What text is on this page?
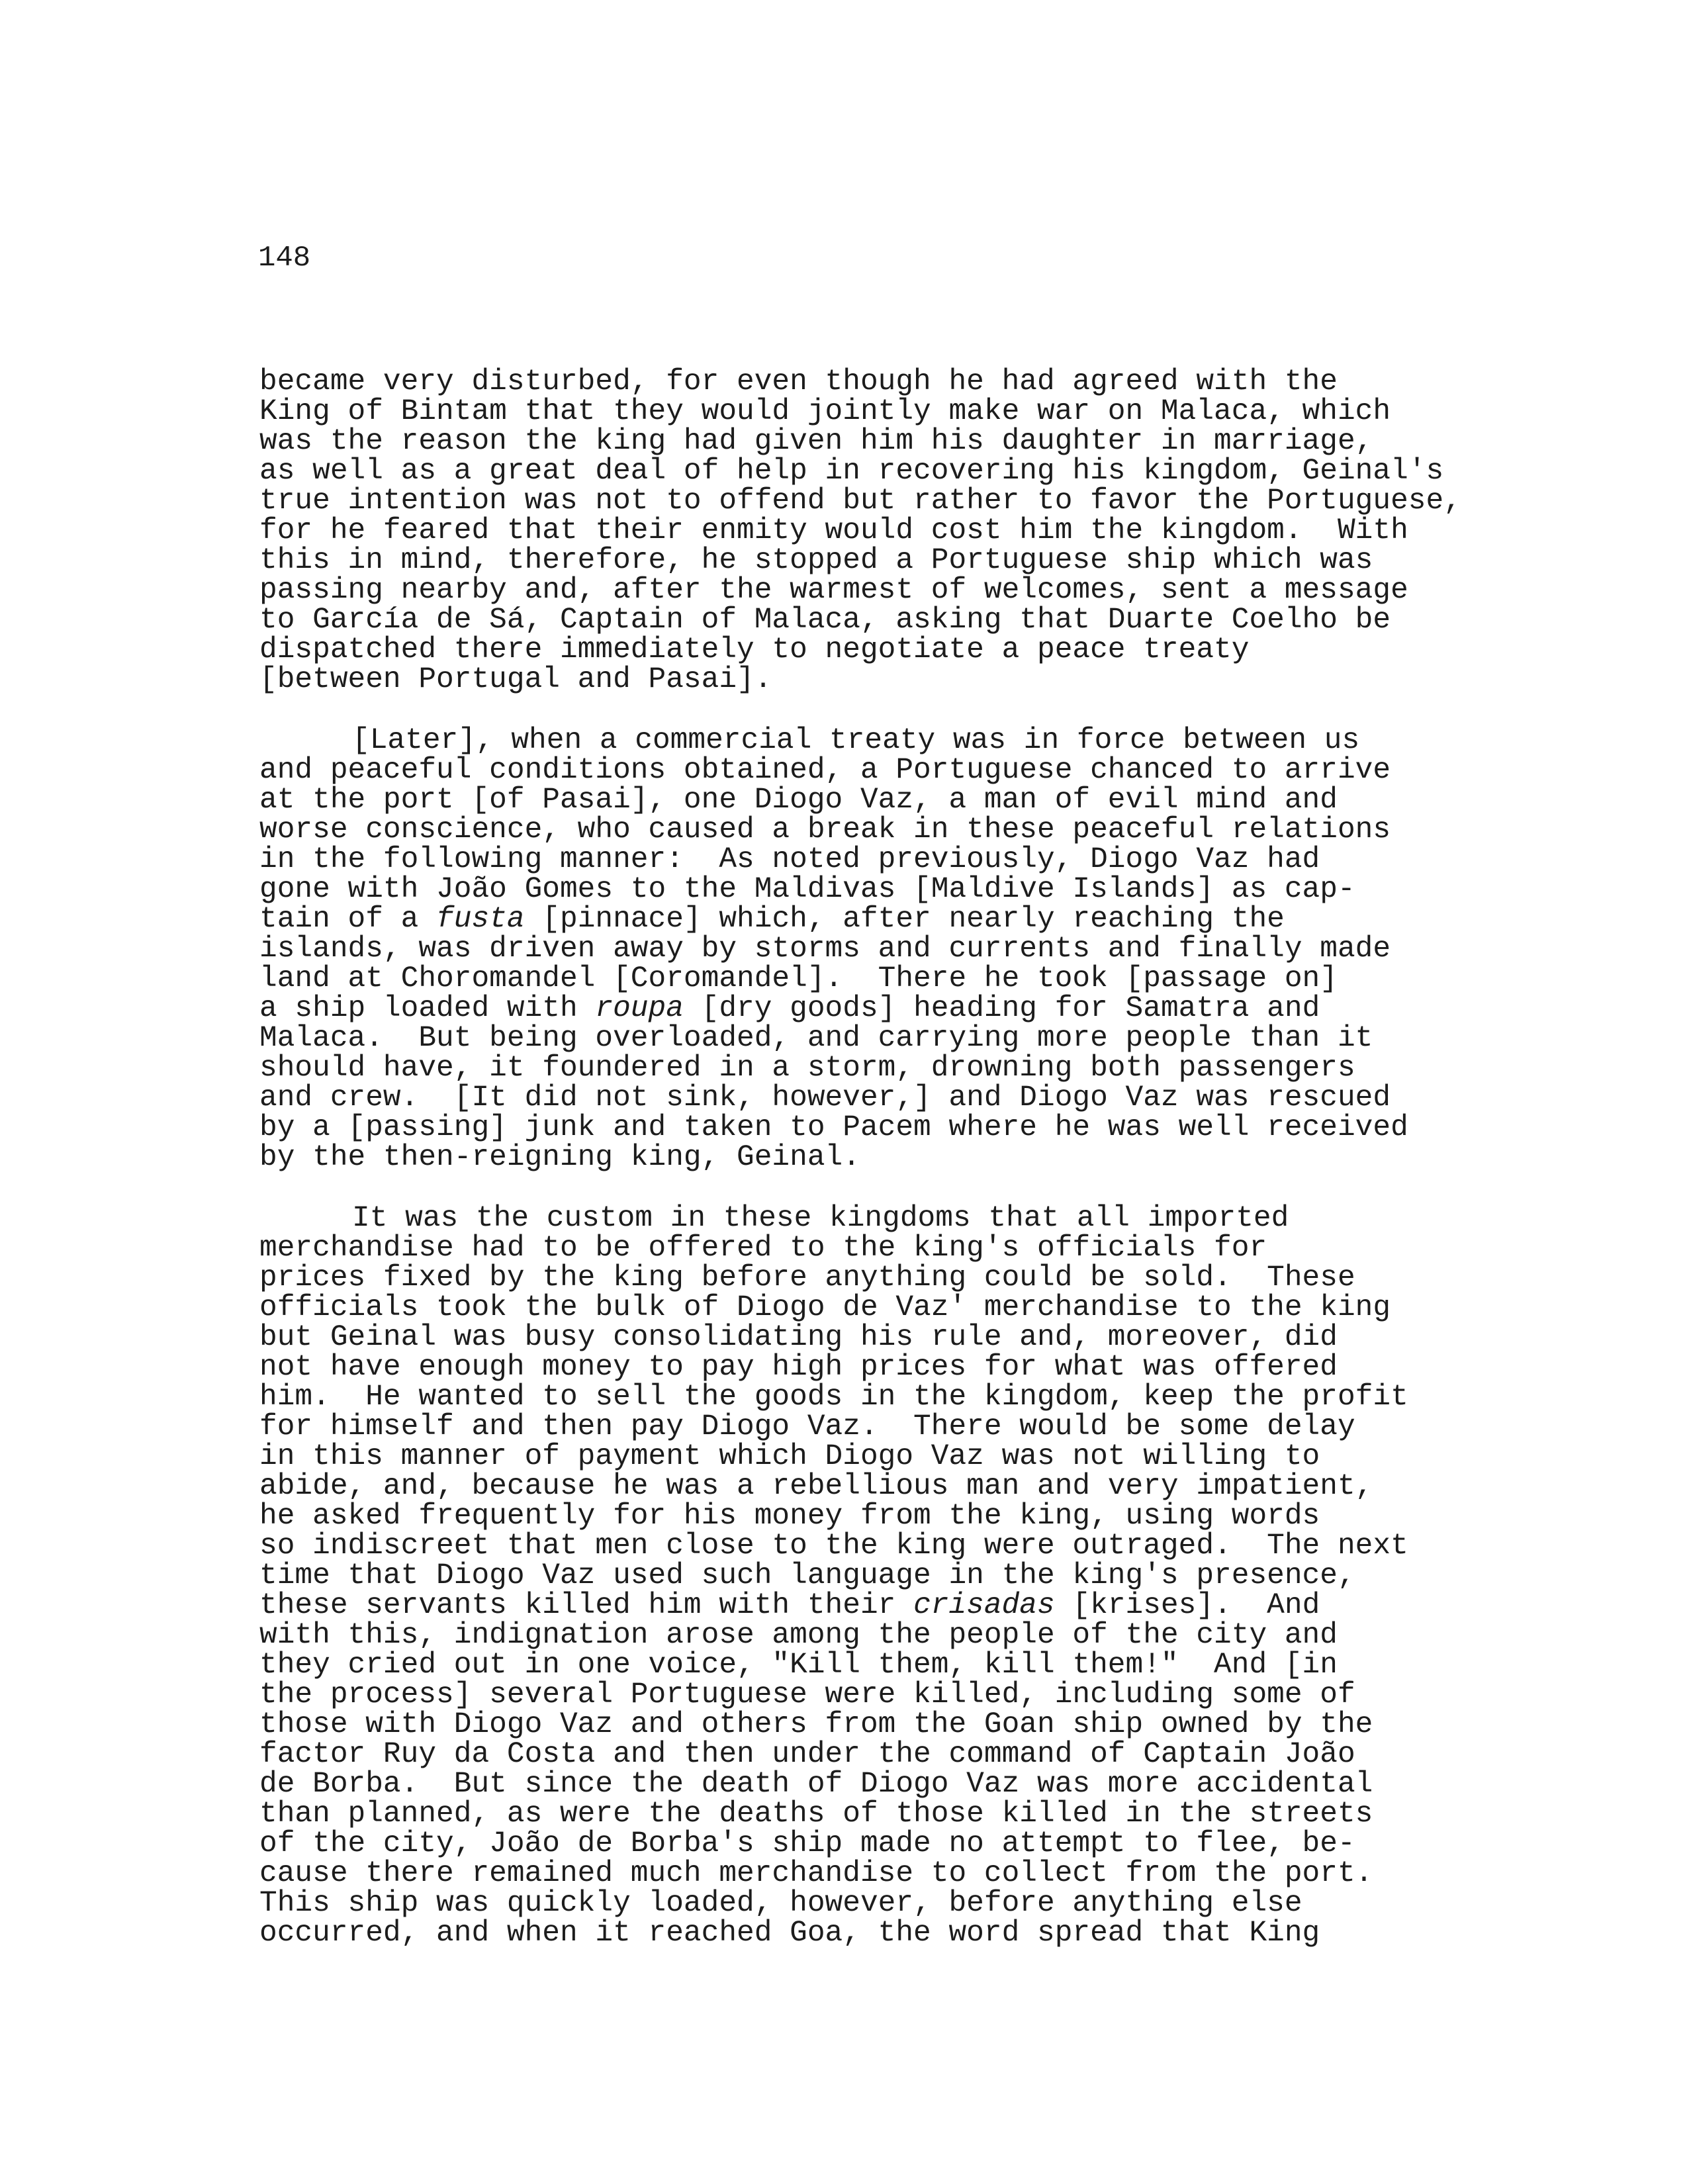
148
became very disturbed, for even though he had agreed with the
King of Bintam that they would jointly make war on Malaca, which
was the reason the king had given him his daughter in marriage,
as well as a great deal of help in recovering his kingdom, Geinal's
true intention was not to offend but rather to favor the Portuguese,
for he feared that their enmity would cost him the kingdom.  With
this in mind, therefore, he stopped a Portuguese ship which was
passing nearby and, after the warmest of welcomes, sent a message
to García de Sá, Captain of Malaca, asking that Duarte Coelho be
dispatched there immediately to negotiate a peace treaty
[between Portugal and Pasai].
[Later], when a commercial treaty was in force between us
and peaceful conditions obtained, a Portuguese chanced to arrive
at the port [of Pasai], one Diogo Vaz, a man of evil mind and
worse conscience, who caused a break in these peaceful relations
in the following manner:  As noted previously, Diogo Vaz had
gone with João Gomes to the Maldivas [Maldive Islands] as cap-
tain of a fusta [pinnace] which, after nearly reaching the
islands, was driven away by storms and currents and finally made
land at Choromandel [Coromandel].  There he took [passage on]
a ship loaded with roupa [dry goods] heading for Samatra and
Malaca.  But being overloaded, and carrying more people than it
should have, it foundered in a storm, drowning both passengers
and crew.  [It did not sink, however,] and Diogo Vaz was rescued
by a [passing] junk and taken to Pacem where he was well received
by the then-reigning king, Geinal.
It was the custom in these kingdoms that all imported
merchandise had to be offered to the king's officials for
prices fixed by the king before anything could be sold.  These
officials took the bulk of Diogo de Vaz' merchandise to the king
but Geinal was busy consolidating his rule and, moreover, did
not have enough money to pay high prices for what was offered
him.  He wanted to sell the goods in the kingdom, keep the profit
for himself and then pay Diogo Vaz.  There would be some delay
in this manner of payment which Diogo Vaz was not willing to
abide, and, because he was a rebellious man and very impatient,
he asked frequently for his money from the king, using words
so indiscreet that men close to the king were outraged.  The next
time that Diogo Vaz used such language in the king's presence,
these servants killed him with their crisadas [krises].  And
with this, indignation arose among the people of the city and
they cried out in one voice, "Kill them, kill them!"  And [in
the process] several Portuguese were killed, including some of
those with Diogo Vaz and others from the Goan ship owned by the
factor Ruy da Costa and then under the command of Captain João
de Borba.  But since the death of Diogo Vaz was more accidental
than planned, as were the deaths of those killed in the streets
of the city, João de Borba's ship made no attempt to flee, be-
cause there remained much merchandise to collect from the port.
This ship was quickly loaded, however, before anything else
occurred, and when it reached Goa, the word spread that King
